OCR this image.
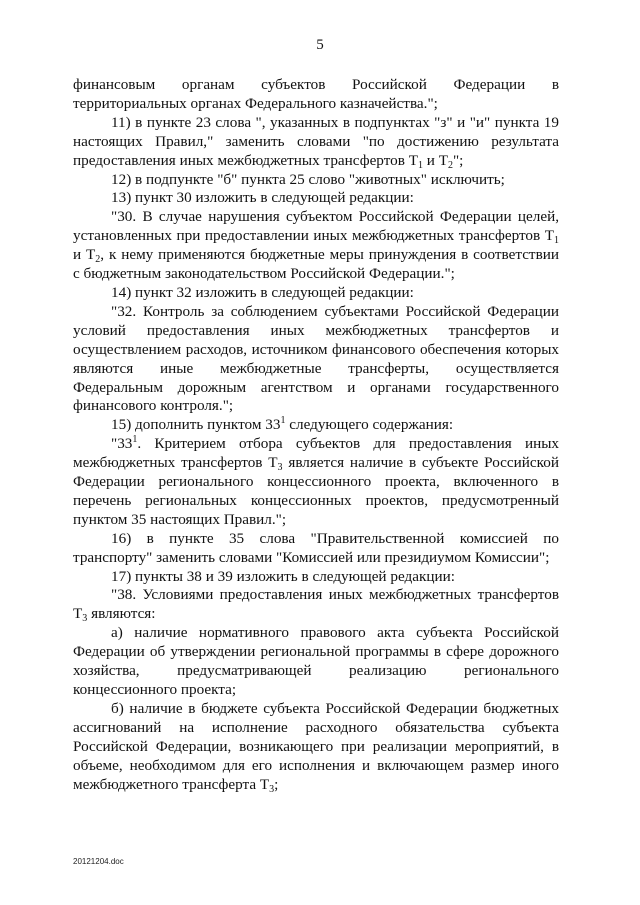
5

финансовым органам субъектов Российской Федерации в территориальных органах Федерального казначейства.";

11) в пункте 23 слова ", указанных в подпунктах "з" и "и" пункта 19 настоящих Правил," заменить словами "по достижению результата предоставления иных межбюджетных трансфертов $Т_1$ и $Т_2$";

12) в подпункте "б" пункта 25 слово "животных" исключить;

13) пункт 30 изложить в следующей редакции:

"30. В случае нарушения субъектом Российской Федерации целей, установленных при предоставлении иных межбюджетных трансфертов $Т_1$ и $Т_2$, к нему применяются бюджетные меры принуждения в соответствии с бюджетным законодательством Российской Федерации.";

14) пункт 32 изложить в следующей редакции:

"32. Контроль за соблюдением субъектами Российской Федерации условий предоставления иных межбюджетных трансфертов и осуществлением расходов, источником финансового обеспечения которых являются иные межбюджетные трансферты, осуществляется Федеральным дорожным агентством и органами государственного финансового контроля.";

15) дополнить пунктом $33^1$ следующего содержания:

"$33^1$. Критерием отбора субъектов для предоставления иных межбюджетных трансфертов $Т_3$ является наличие в субъекте Российской Федерации регионального концессионного проекта, включенного в перечень региональных концессионных проектов, предусмотренный пунктом 35 настоящих Правил.";

16) в пункте 35 слова "Правительственной комиссией по транспорту" заменить словами "Комиссией или президиумом Комиссии";

17) пункты 38 и 39 изложить в следующей редакции:

"38. Условиями предоставления иных межбюджетных трансфертов $Т_3$ являются:

а) наличие нормативного правового акта субъекта Российской Федерации об утверждении региональной программы в сфере дорожного хозяйства, предусматривающей реализацию регионального концессионного проекта;

б) наличие в бюджете субъекта Российской Федерации бюджетных ассигнований на исполнение расходного обязательства субъекта Российской Федерации, возникающего при реализации мероприятий, в объеме, необходимом для его исполнения и включающем размер иного межбюджетного трансферта $Т_3$;

20121204.doc
